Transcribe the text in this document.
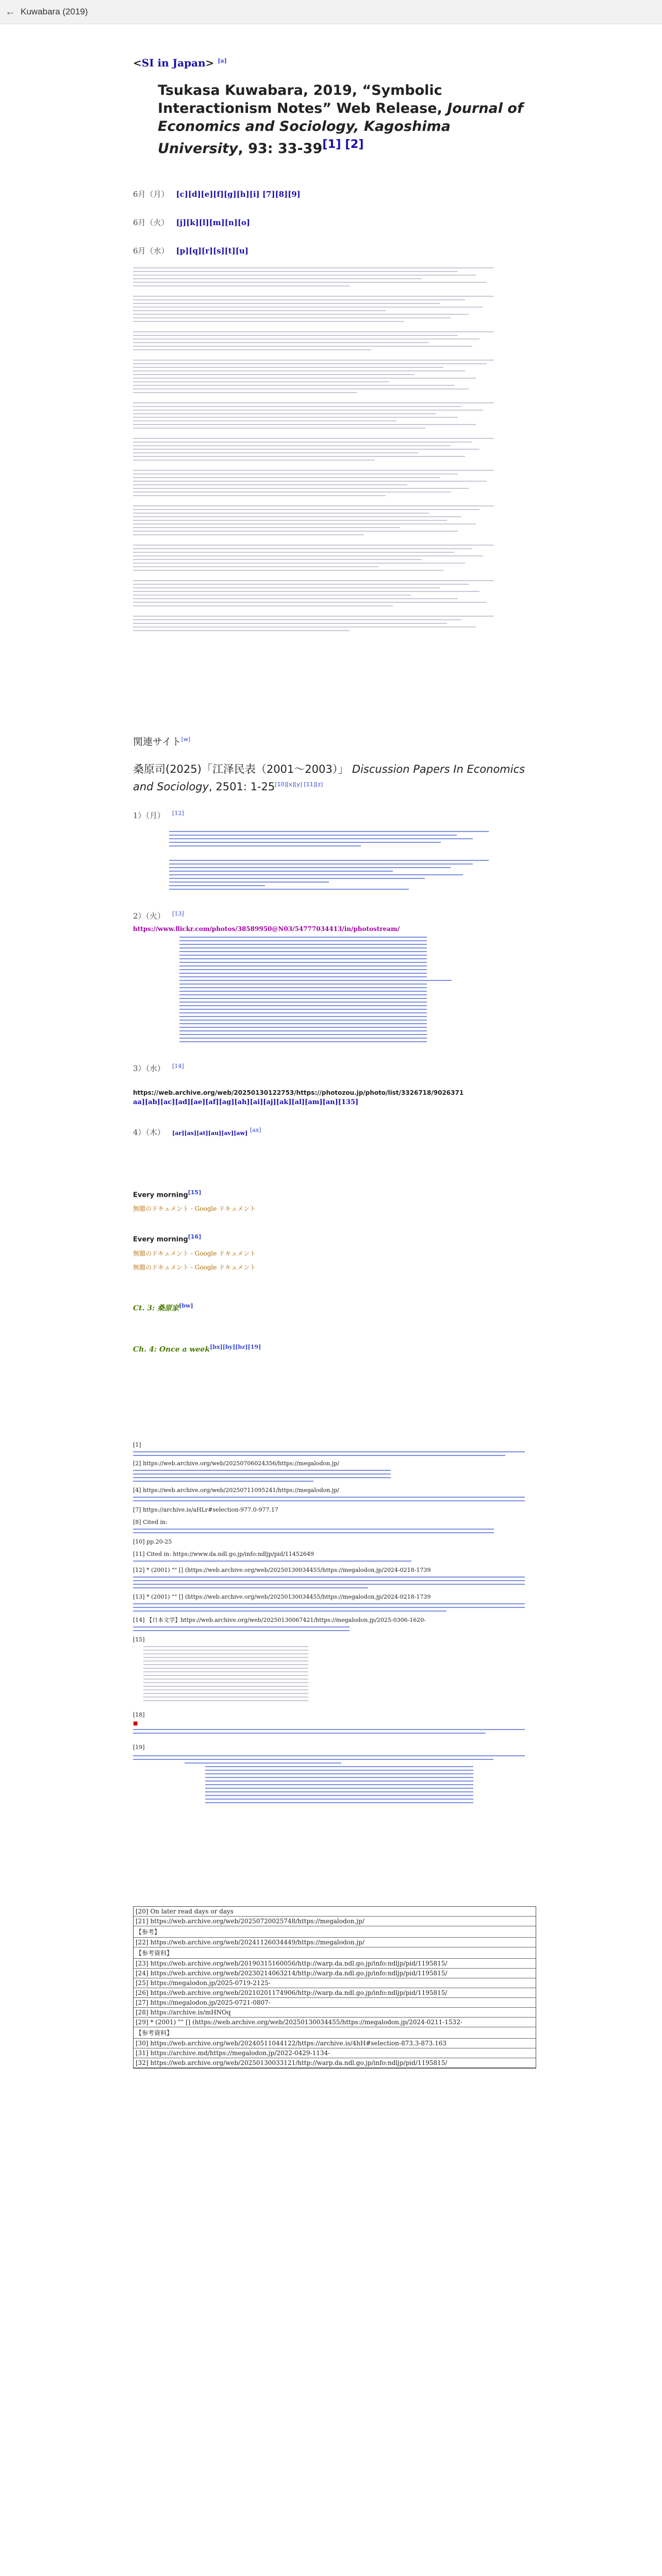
← Kuwabara (2019)
<SI in Japan> [a]
Tsukasa Kuwabara, 2019, “Symbolic Interactionism Notes” Web Release, Journal of Economics and Sociology, Kagoshima University, 93: 33-39[1] [2]
6月（月） [c][d][e][f][g][h][i] [7][8][9]
6月（火） [j][k][l][m][n][o]
6月（水） [p][q][r][s][t][u]
関連サイト[w]
桑原司(2025)「江泽民表（2001〜2003）」 Discussion Papers In Economics and Sociology, 2501: 1-25[10][x][y] [11][z]
1）（月） [12]
2）（火） [13]
https://www.flickr.com/photos/38589950@N03/54777034413/in/photostream/
3）（水） [14]
https://web.archive.org/web/20250130122753/https://photozou.jp/photo/list/3326718/9026371
aa][ab][ac][ad][ae][af][ag][ah][ai][aj][ak][al][am][an][135]
4）（木） [ar][as][at][au][av][aw] [ax]
Every morning[15]
無題のドキュメント - Google ドキュメント
Every morning[16]
無題のドキュメント - Google ドキュメント
無題のドキュメント - Google ドキュメント
Ct. 3: 桑原家[bw]
Ch. 4: Once a week[bx][by][bz][19]
[1]
[2] https://web.archive.org/web/20250706024356/https://megalodon.jp/
[4] https://web.archive.org/web/20250711095241/https://megalodon.jp/
[7] https://archive.is/aHLr#selection-977.0-977.17
[8] Cited in:
[10] pp.20-25
[11] Cited in: https://www.da.ndl.go.jp/info:ndljp/pid/11452649
[12] * (2001) "" [] (https://web.archive.org/web/20250130034455/https://megalodon.jp/2024-0218-1739
[13] * (2001) "" [] (https://web.archive.org/web/20250130034455/https://megalodon.jp/2024-0218-1739
[14] 【日本文学】https://web.archive.org/web/20250130067421/https://megalodon.jp/2025-0306-1620-
[15]
[18]
■
[19]
[20] On later read days or days
[21] https://web.archive.org/web/20250720025748/https://megalodon.jp/
【参考】
[22] https://web.archive.org/web/20241126034449/https://megalodon.jp/
【参考資料】
[23] https://web.archive.org/web/20190315160056/http://warp.da.ndl.go.jp/info:ndljp/pid/1195815/
[24] https://web.archive.org/web/20230214063214/http://warp.da.ndl.go.jp/info:ndljp/pid/1195815/
[25] https://megalodon.jp/2025-0719-2125-
[26] https://web.archive.org/web/20210201174906/http://warp.da.ndl.go.jp/info:ndljp/pid/1195815/
[27] https://megalodon.jp/2025-0721-0807-
[28] https://archive.is/mHNOq
[29] * (2001) "" [] (https://web.archive.org/web/20250130034455/https://megalodon.jp/2024-0211-1532-
【参考資料】
[30] https://web.archive.org/web/20240511044122/https://archive.is/4hH#selection-873.3-873.163
[31] https://archive.md/https://megalodon.jp/2022-0429-1134-
[32] https://web.archive.org/web/20250130033121/http://warp.da.ndl.go.jp/info:ndljp/pid/1195815/
